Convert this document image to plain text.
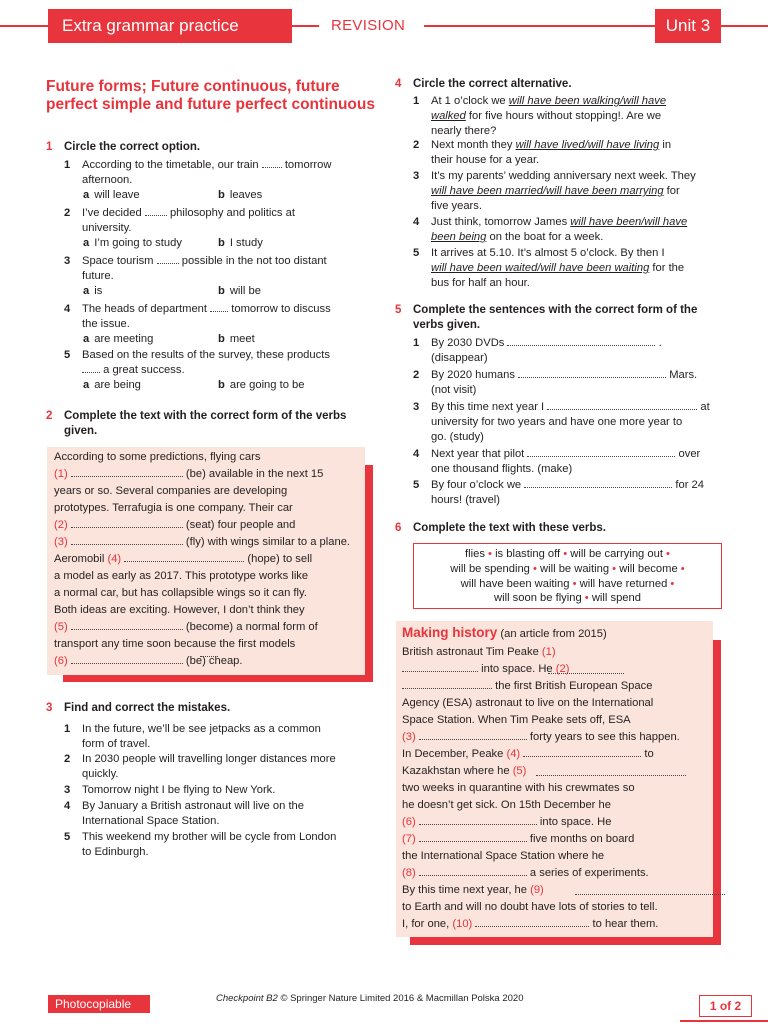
Extra grammar practice	REVISION	Unit 3
Future forms; Future continuous, future perfect simple and future perfect continuous
1	Circle the correct option.
1	According to the timetable, our train tomorrow
afternoon.
a will leave	b leaves
2	I’ve decided	philosophy and politics at
university.
a I’m going to study	b I study
3	Space tourism	possible in the not too distant
future.
a is	b will be
4	The heads of department tomorrow to discuss
the issue.
a are meeting	b meet
5	Based on the results of the survey, these products
a great success.
a are being	b are going to be
2	Complete the text with the correct form of the verbs given.
According to some predictions, flying cars
(1)	(be) available in the next 15
years or so. Several companies are developing
prototypes. Terrafugia is one company. Their car
(2)	(seat) four people and
(3)	(fly) with wings similar to a plane.
Aeromobil (4)	(hope) to sell
a model as early as 2017. This prototype works like
a normal car, but has collapsible wings so it can fly.
Both ideas are exciting. However, I don’t think they
(5)	(become) a normal form of
transport any time soon because the first models
(6)	(be) cheap.
3	Find and correct the mistakes.
1 In the future, we’ll be see jetpacks as a common
form of travel.
2 In 2030 people will travelling longer distances more
quickly.
3 Tomorrow night I be flying to New York.
4 By January a British astronaut will live on the
International Space Station.
5 This weekend my brother will be cycle from London
to Edinburgh.
4	Circle the correct alternative.
1 At 1 o’clock we will have been walking/will have
walked for five hours without stopping!. Are we
nearly there?
2 Next month they will have lived/will have living in
their house for a year.
3 It’s my parents’ wedding anniversary next week. They
will have been married/will have been marrying for
five years.
4 Just think, tomorrow James will have been/will have
been being on the boat for a week.
5 It arrives at 5.10. It’s almost 5 o’clock. By then I
will have been waited/will have been waiting for the
bus for half an hour.
5	Complete the sentences with the correct form of the verbs given.
1 By 2030 DVDs	.
(disappear)
2 By 2020 humans	Mars.
(not visit)
3 By this time next year I	at
university for two years and have one more year to
go. (study)
4 Next year that pilot	over
one thousand flights. (make)
5 By four o’clock we	for 24
hours! (travel)
6	Complete the text with these verbs.
flies • is blasting off • will be carrying out •
will be spending • will be waiting • will become •
will have been waiting • will have returned •
will soon be flying • will spend
Making history (an article from 2015)
British astronaut Tim Peake (1)
into space. He (2)
the first British European Space
Agency (ESA) astronaut to live on the International
Space Station. When Tim Peake sets off, ESA
(3)	forty years to see this happen.
In December, Peake (4)	to
Kazakhstan where he (5)
two weeks in quarantine with his crewmates so
he doesn’t get sick. On 15th December he
(6)	into space. He
(7)	five months on board
the International Space Station where he
(8)	a series of experiments.
By this time next year, he (9)
to Earth and will no doubt have lots of stories to tell.
I, for one, (10)	to hear them.
Photocopiable	Checkpoint B2 © Springer Nature Limited 2016 & Macmillan Polska 2020
1 of 2
